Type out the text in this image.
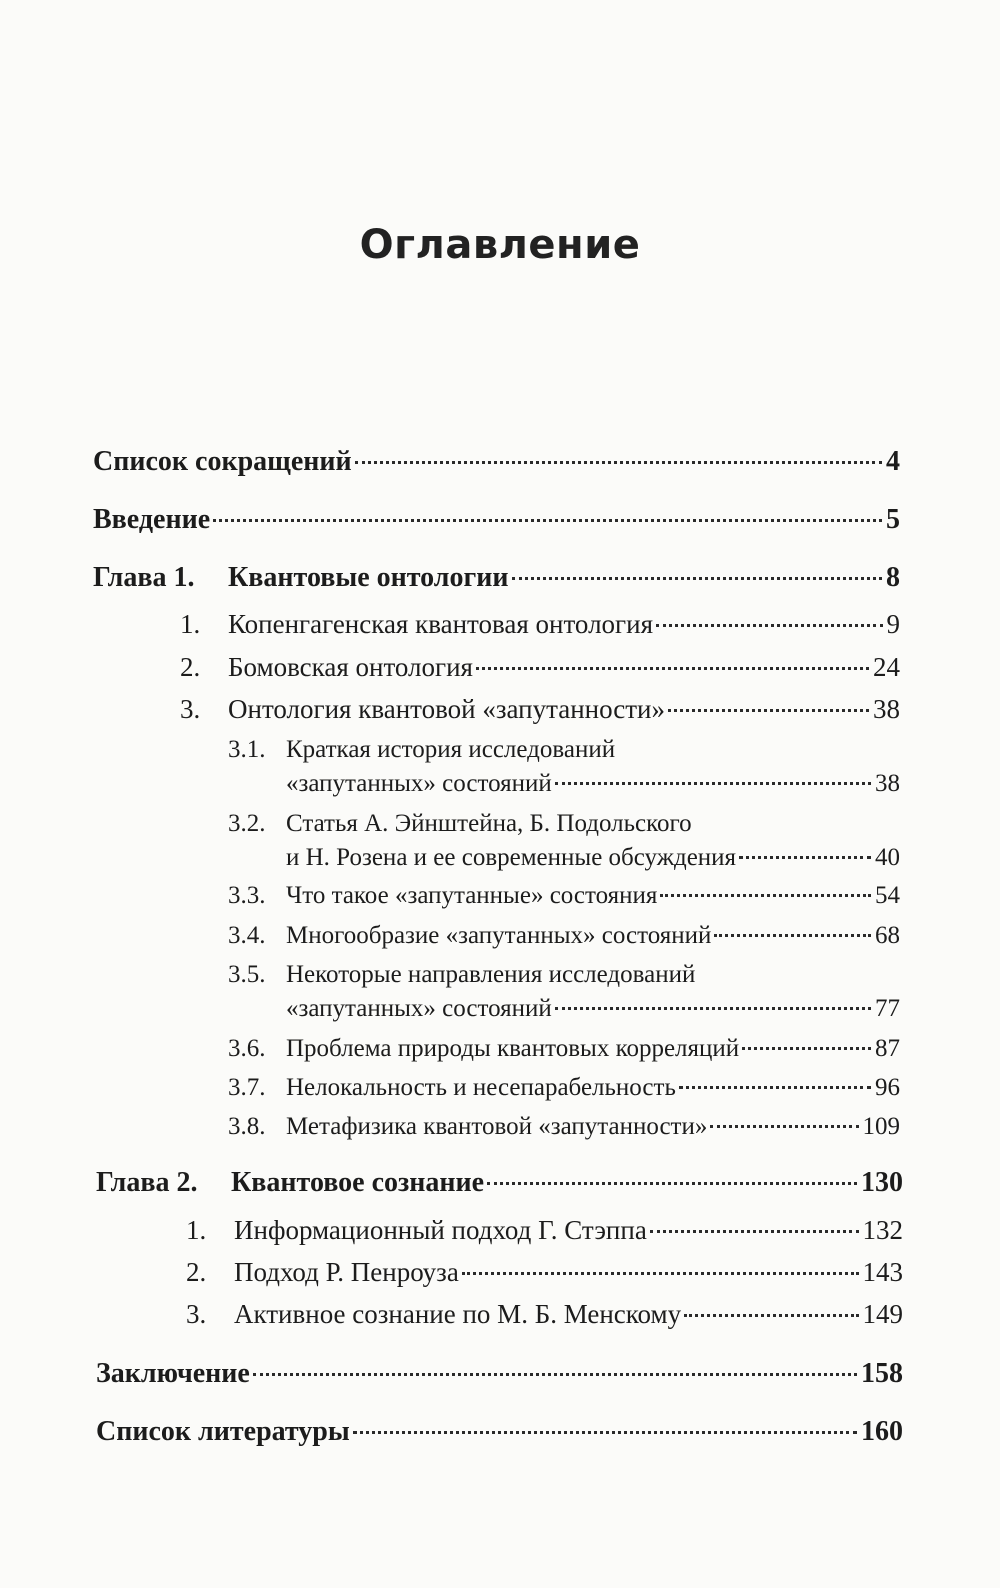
Оглавление
Список сокращений	4
Введение	5
Глава 1.	Квантовые онтологии	8
1.	Копенгагенская квантовая онтология	9
2.	Бомовская онтология	24
3.	Онтология квантовой «запутанности»	38
3.1. Краткая история исследований
«запутанных» состояний	38
3.2. Статья А. Эйнштейна, Б. Подольского
и Н. Розена и ее современные обсуждения	40
3.3. Что такое «запутанные» состояния	54
3.4. Многообразие «запутанных» состояний	68
3.5. Некоторые направления исследований
«запутанных» состояний	77
3.6. Проблема природы квантовых корреляций	87
3.7. Нелокальность и несепарабельность	96
3.8. Метафизика квантовой «запутанности»	109
Глава 2.	Квантовое сознание	130
1.	Информационный подход Г. Стэппа	132
2.	Подход Р. Пенроуза	143
3.	Активное сознание по М. Б. Менскому	149
Заключение	158
Список литературы	160
